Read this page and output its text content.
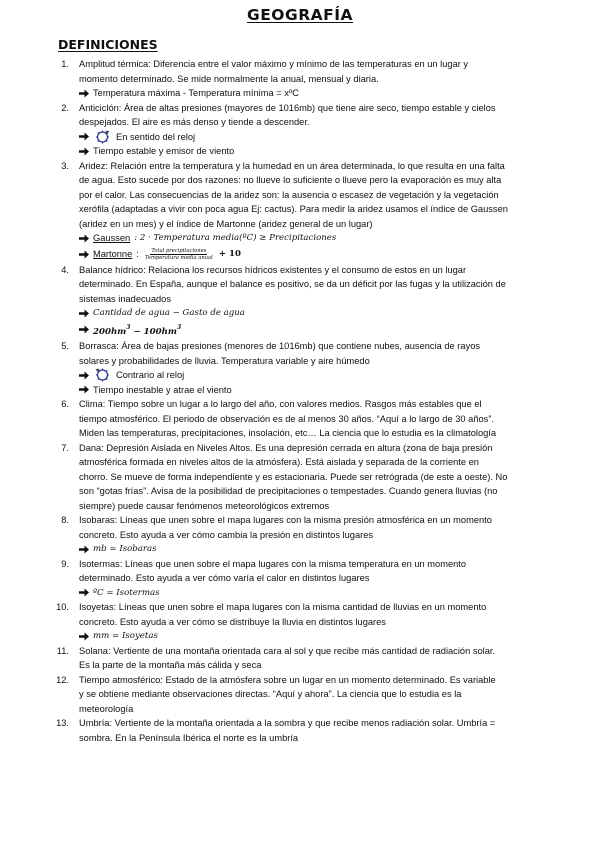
GEOGRAFÍA
DEFINICIONES
1. Amplitud térmica: Diferencia entre el valor máximo y mínimo de las temperaturas en un lugar y
momento determinado. Se mide normalmente la anual, mensual y diaria.
Temperatura máxima - Temperatura mínima = xºC
2. Anticiclón: Área de altas presiones (mayores de 1016mb) que tiene aire seco, tiempo estable y cielos
despejados. El aire es más denso y tiende a descender.
En sentido del reloj
Tiempo estable y emisor de viento
3. Aridez: Relación entre la temperatura y la humedad en un área determinada, lo que resulta en una falta
de agua. Esto sucede por dos razones: no llueve lo suficiente o llueve pero la evaporación es muy alta
por el calor. Las consecuencias de la aridez son: la ausencia o escasez de vegetación y la vegetación
xerófila (adaptadas a vivir con poca agua Ej: cactus). Para medir la aridez usamos el índice de Gaussen
(aridez en un mes) y el índice de Martonne (aridez general de un lugar)
Gaussen : 2 · Temperatura media(ºC) ≥ Precipitaciones
Martonne : $\frac{\text{Total precipitaciones}}{\text{Temperatura media anual}} + 10$
4. Balance hídrico: Relaciona los recursos hídricos existentes y el consumo de estos en un lugar
determinado. En España, aunque el balance es positivo, se da un déficit por las fugas y la utilización de
sistemas inadecuados
Cantidad de agua − Gasto de agua
$200hm^3 - 100hm^3$
5. Borrasca: Área de bajas presiones (menores de 1016mb) que contiene nubes, ausencia de rayos
solares y probabilidades de lluvia. Temperatura variable y aire húmedo
Contrario al reloj
Tiempo inestable y atrae el viento
6. Clima: Tiempo sobre un lugar a lo largo del año, con valores medios. Rasgos más estables que el
tiempo atmosférico. El periodo de observación es de al menos 30 años. “Aquí a lo largo de 30 años”.
Miden las temperaturas, precipitaciones, insolación, etc… La ciencia que lo estudia es la climatología
7. Dana: Depresión Aislada en Niveles Altos. Es una depresión cerrada en altura (zona de baja presión
atmosférica formada en niveles altos de la atmósfera). Está aislada y separada de la corriente en
chorro. Se mueve de forma independiente y es estacionaria. Puede ser retrógrada (de este a oeste). No
son “gotas frías”. Avisa de la posibilidad de precipitaciones o tempestades. Cuando genera lluvias (no
siempre) puede causar fenómenos meteorológicos extremos
8. Isobaras: Líneas que unen sobre el mapa lugares con la misma presión atmosférica en un momento
concreto. Esto ayuda a ver cómo cambia la presión en distintos lugares
mb = Isobaras
9. Isotermas: Líneas que unen sobre el mapa lugares con la misma temperatura en un momento
determinado. Esto ayuda a ver cómo varía el calor en distintos lugares
ºC = Isotermas
10. Isoyetas: Líneas que unen sobre el mapa lugares con la misma cantidad de lluvias en un momento
concreto. Esto ayuda a ver cómo se distribuye la lluvia en distintos lugares
mm = Isoyetas
11. Solana: Vertiente de una montaña orientada cara al sol y que recibe más cantidad de radiación solar.
Es la parte de la montaña más cálida y seca
12. Tiempo atmosférico: Estado de la atmósfera sobre un lugar en un momento determinado. Es variable
y se obtiene mediante observaciones directas. “Aquí y ahora”. La ciencia que lo estudia es la
meteorología
13. Umbría: Vertiente de la montaña orientada a la sombra y que recibe menos radiación solar. Umbría =
sombra. En la Península Ibérica el norte es la umbría
